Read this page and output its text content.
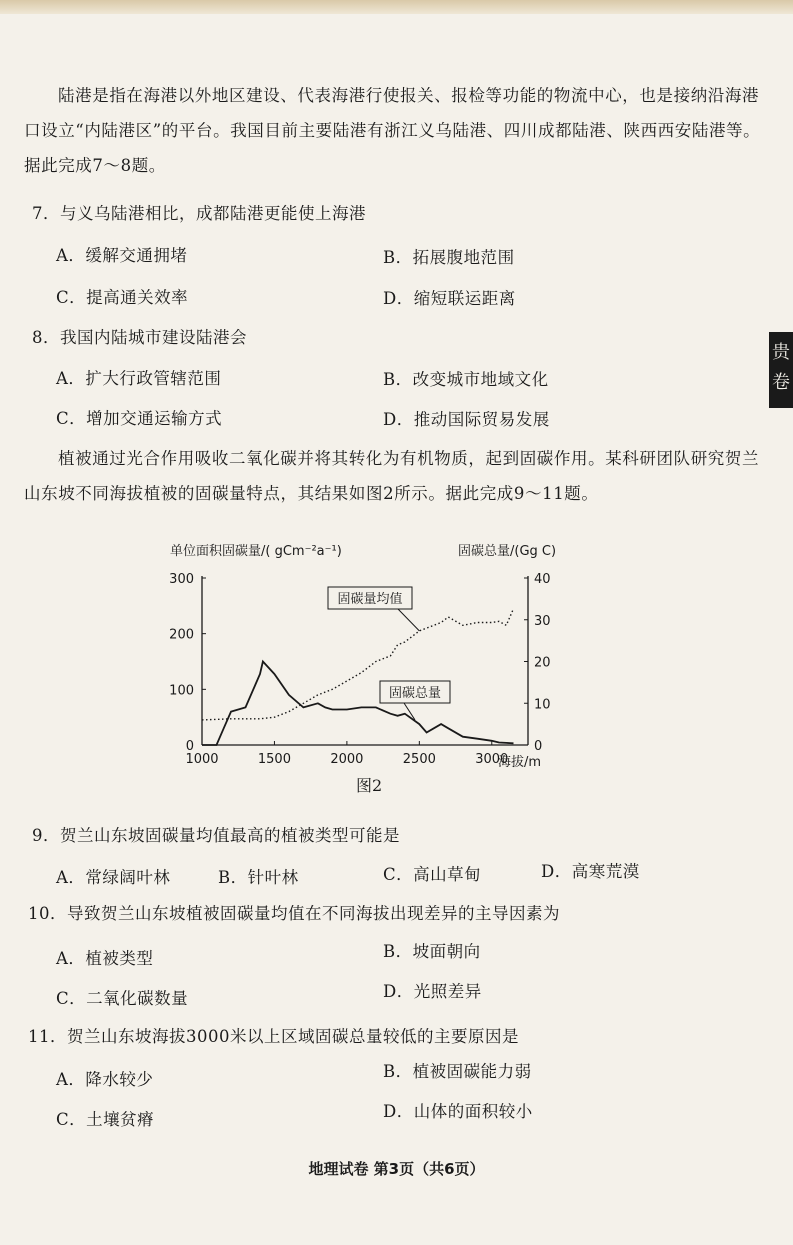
贵卷
陆港是指在海港以外地区建设、代表海港行使报关、报检等功能的物流中心，也是接纳沿海港口设立“内陆港区”的平台。我国目前主要陆港有浙江义乌陆港、四川成都陆港、陕西西安陆港等。据此完成7～8题。
7．与义乌陆港相比，成都陆港更能使上海港
A．缓解交通拥堵	B．拓展腹地范围
C．提高通关效率	D．缩短联运距离
8．我国内陆城市建设陆港会
A．扩大行政管辖范围	B．改变城市地域文化
C．增加交通运输方式	D．推动国际贸易发展
植被通过光合作用吸收二氧化碳并将其转化为有机物质，起到固碳作用。某科研团队研究贺兰山东坡不同海拔植被的固碳量特点，其结果如图2所示。据此完成9～11题。
单位面积固碳量/( gCm⁻²a⁻¹)	固碳总量/(Gg C)
海拔/m
1000	1500	2000	2500	3000
0
100
200
300
0
10
20
30
40
固碳量均值
固碳总量
图2
9．贺兰山东坡固碳量均值最高的植被类型可能是
A．常绿阔叶林	B．针叶林	C．高山草甸	D．高寒荒漠
10．导致贺兰山东坡植被固碳量均值在不同海拔出现差异的主导因素为
A．植被类型	B．坡面朝向
C．二氧化碳数量	D．光照差异
11．贺兰山东坡海拔3000米以上区域固碳总量较低的主要原因是
A．降水较少	B．植被固碳能力弱
C．土壤贫瘠	D．山体的面积较小
地理试卷 第3页（共6页）
